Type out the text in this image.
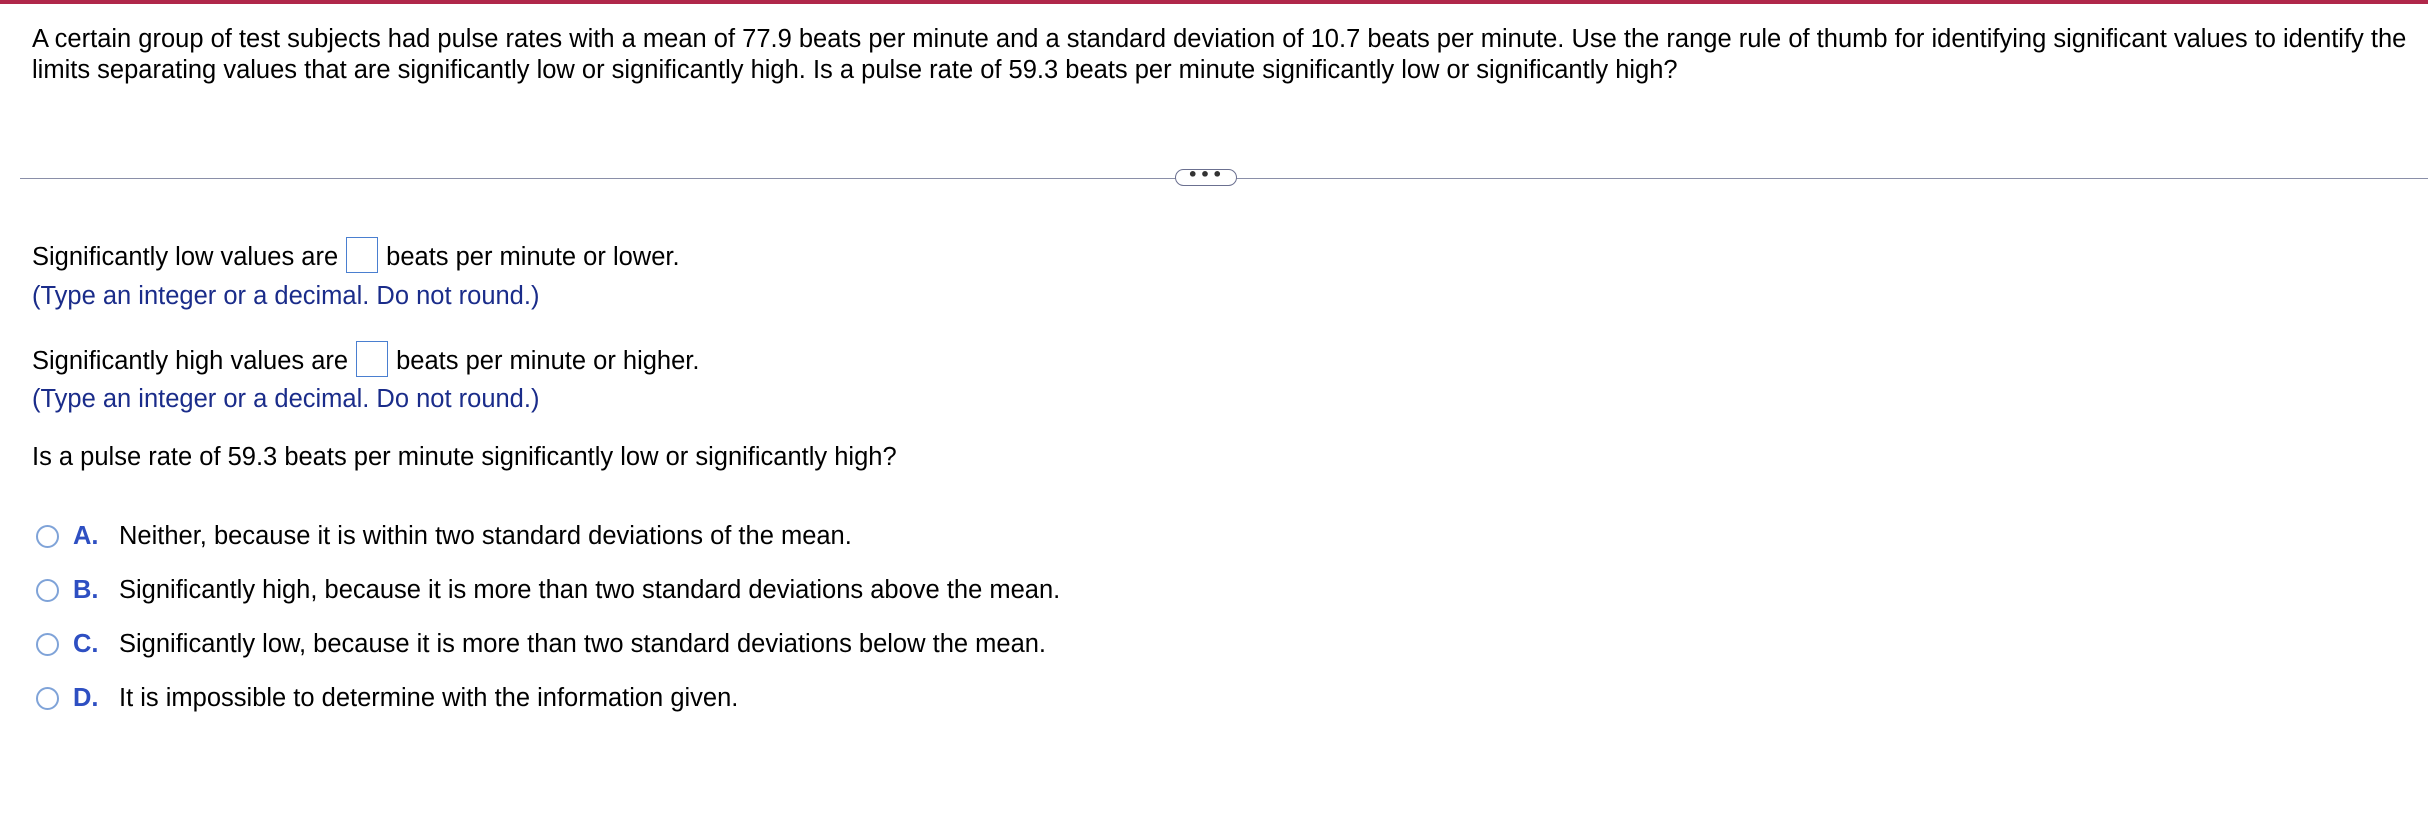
A certain group of test subjects had pulse rates with a mean of 77.9 beats per minute and a standard deviation of 10.7 beats per minute. Use the range rule of thumb for identifying significant values to identify the limits separating values that are significantly low or significantly high. Is a pulse rate of 59.3 beats per minute significantly low or significantly high?

•••
Significantly low values are beats per minute or lower.
(Type an integer or a decimal. Do not round.)
Significantly high values are beats per minute or higher.
(Type an integer or a decimal. Do not round.)
Is a pulse rate of 59.3 beats per minute significantly low or significantly high?
A. Neither, because it is within two standard deviations of the mean.
B. Significantly high, because it is more than two standard deviations above the mean.
C. Significantly low, because it is more than two standard deviations below the mean.
D. It is impossible to determine with the information given.
